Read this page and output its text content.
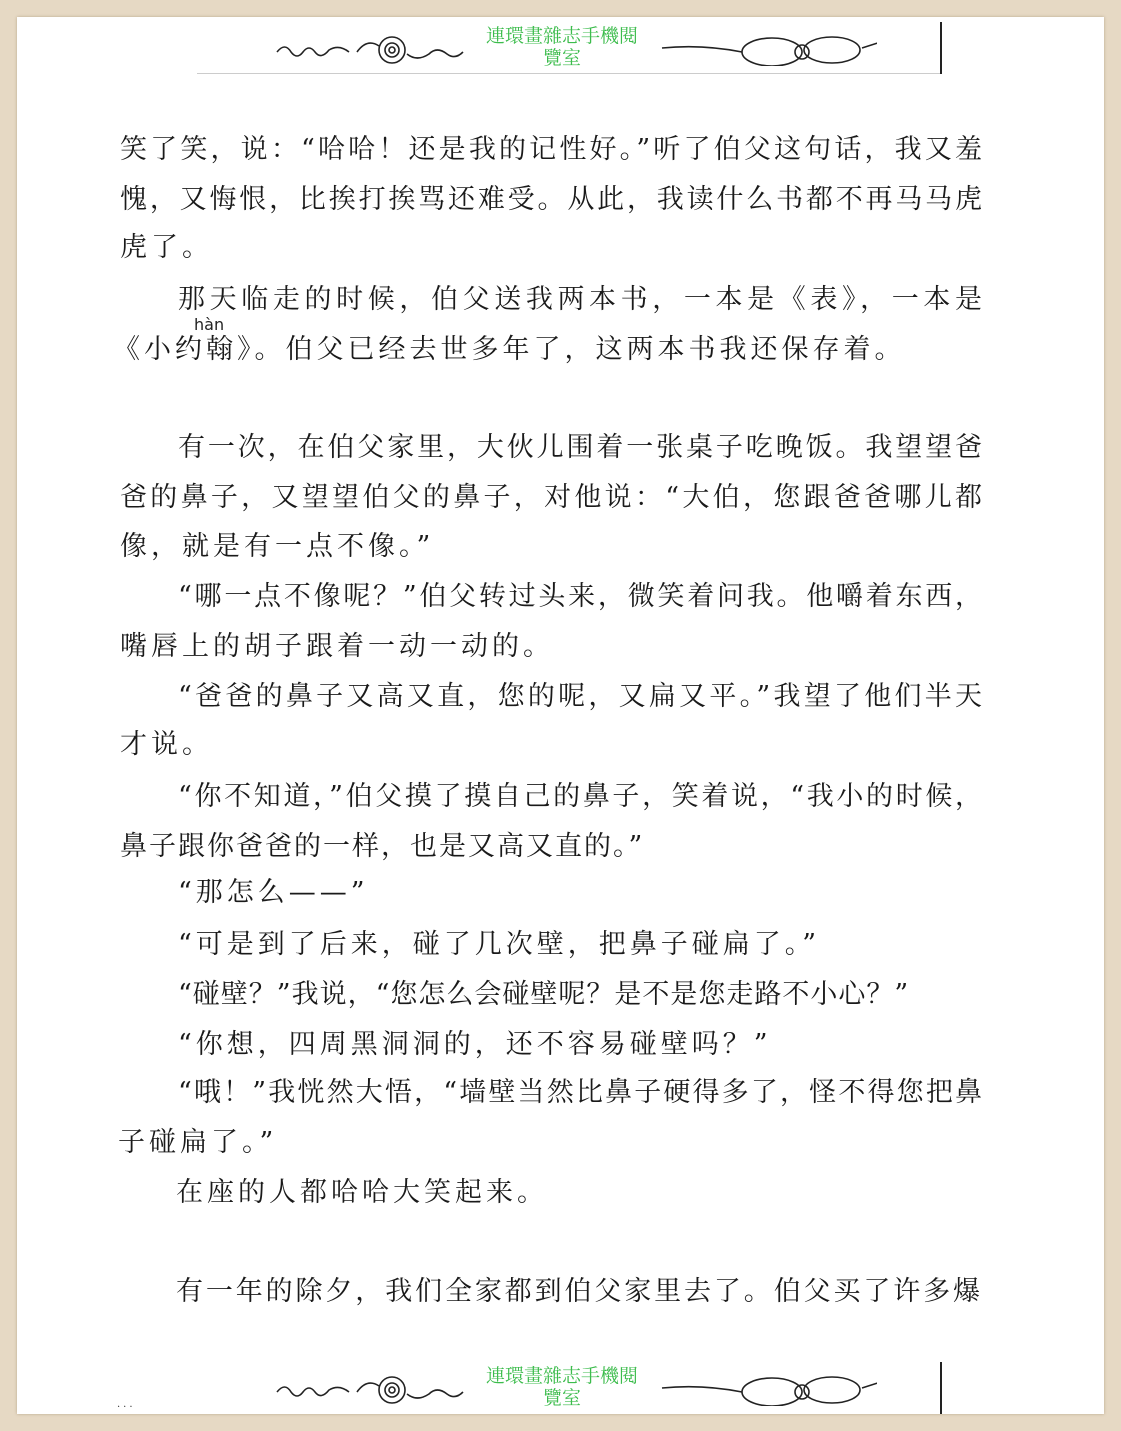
連環畫雜志手機閱
覽室
笑了笑，说：“哈哈！还是我的记性好。”听了伯父这句话，我又羞
愧，又悔恨，比挨打挨骂还难受。从此，我读什么书都不再马马虎
虎了。
那天临走的时候，伯父送我两本书，一本是《表》，一本是
hàn
《小约翰》。伯父已经去世多年了，这两本书我还保存着。
有一次，在伯父家里，大伙儿围着一张桌子吃晚饭。我望望爸
爸的鼻子，又望望伯父的鼻子，对他说：“大伯，您跟爸爸哪儿都
像，就是有一点不像。”
“哪一点不像呢？”伯父转过头来，微笑着问我。他嚼着东西，
嘴唇上的胡子跟着一动一动的。
“爸爸的鼻子又高又直，您的呢，又扁又平。”我望了他们半天
才说。
“你不知道，”伯父摸了摸自己的鼻子，笑着说，“我小的时候，
鼻子跟你爸爸的一样，也是又高又直的。”
“那怎么——”
“可是到了后来，碰了几次壁，把鼻子碰扁了。”
“碰壁？”我说，“您怎么会碰壁呢？是不是您走路不小心？”
“你想，四周黑洞洞的，还不容易碰壁吗？”
“哦！”我恍然大悟，“墙壁当然比鼻子硬得多了，怪不得您把鼻
子碰扁了。”
在座的人都哈哈大笑起来。
有一年的除夕，我们全家都到伯父家里去了。伯父买了许多爆
...
連環畫雜志手機閱
覽室
